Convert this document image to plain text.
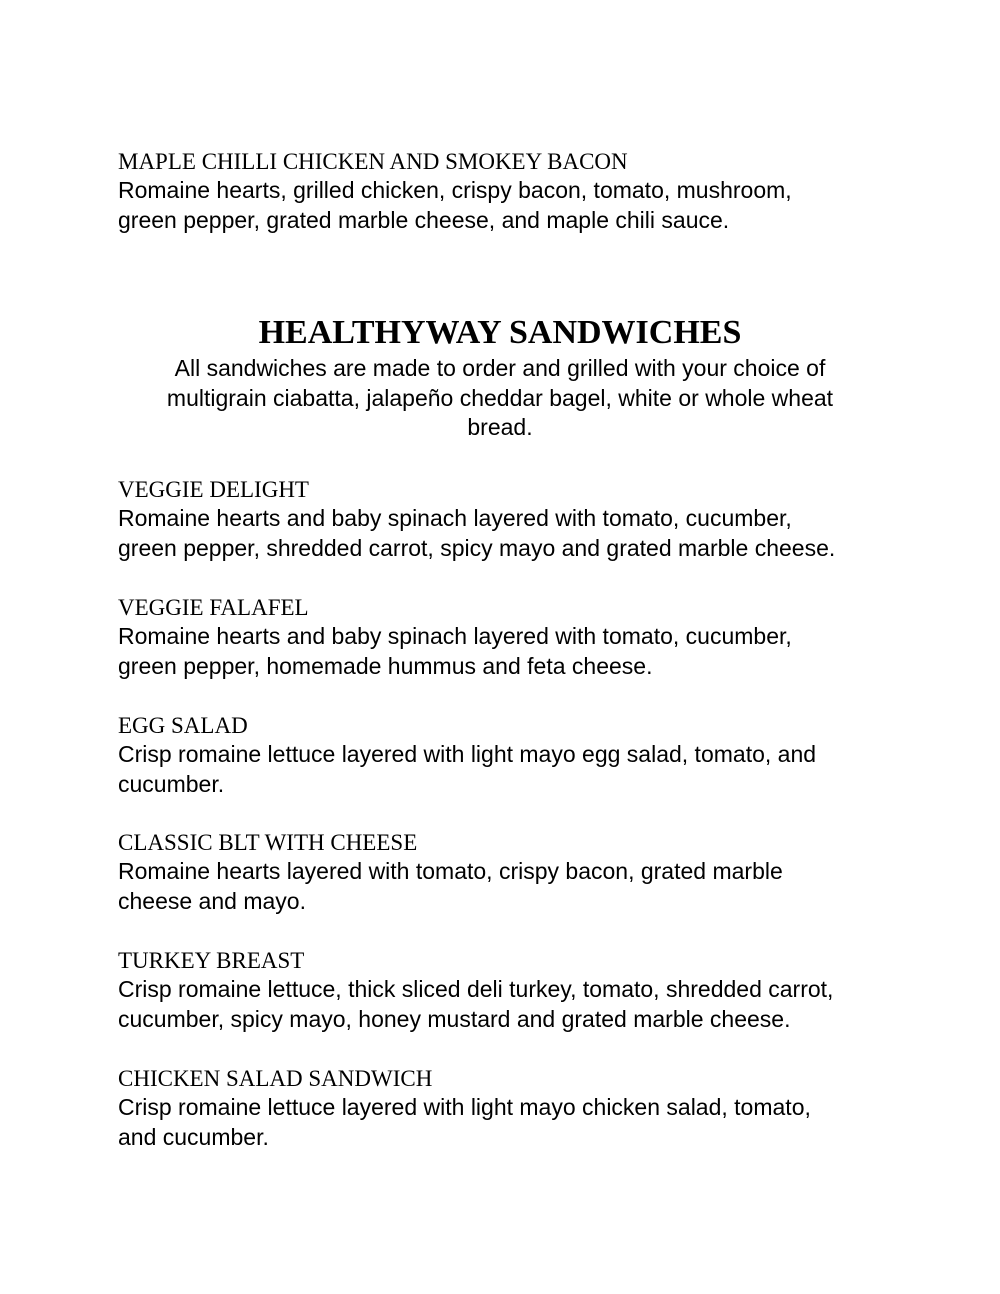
MAPLE CHILLI CHICKEN AND SMOKEY BACON
Romaine hearts, grilled chicken, crispy bacon, tomato, mushroom,
green pepper, grated marble cheese, and maple chili sauce.
HEALTHYWAY SANDWICHES
All sandwiches are made to order and grilled with your choice of
multigrain ciabatta, jalapeño cheddar bagel, white or whole wheat
bread.
VEGGIE DELIGHT
Romaine hearts and baby spinach layered with tomato, cucumber,
green pepper, shredded carrot, spicy mayo and grated marble cheese.
VEGGIE FALAFEL
Romaine hearts and baby spinach layered with tomato, cucumber,
green pepper, homemade hummus and feta cheese.
EGG SALAD
Crisp romaine lettuce layered with light mayo egg salad, tomato, and
cucumber.
CLASSIC BLT WITH CHEESE
Romaine hearts layered with tomato, crispy bacon, grated marble
cheese and mayo.
TURKEY BREAST
Crisp romaine lettuce, thick sliced deli turkey, tomato, shredded carrot,
cucumber, spicy mayo, honey mustard and grated marble cheese.
CHICKEN SALAD SANDWICH
Crisp romaine lettuce layered with light mayo chicken salad, tomato,
and cucumber.
